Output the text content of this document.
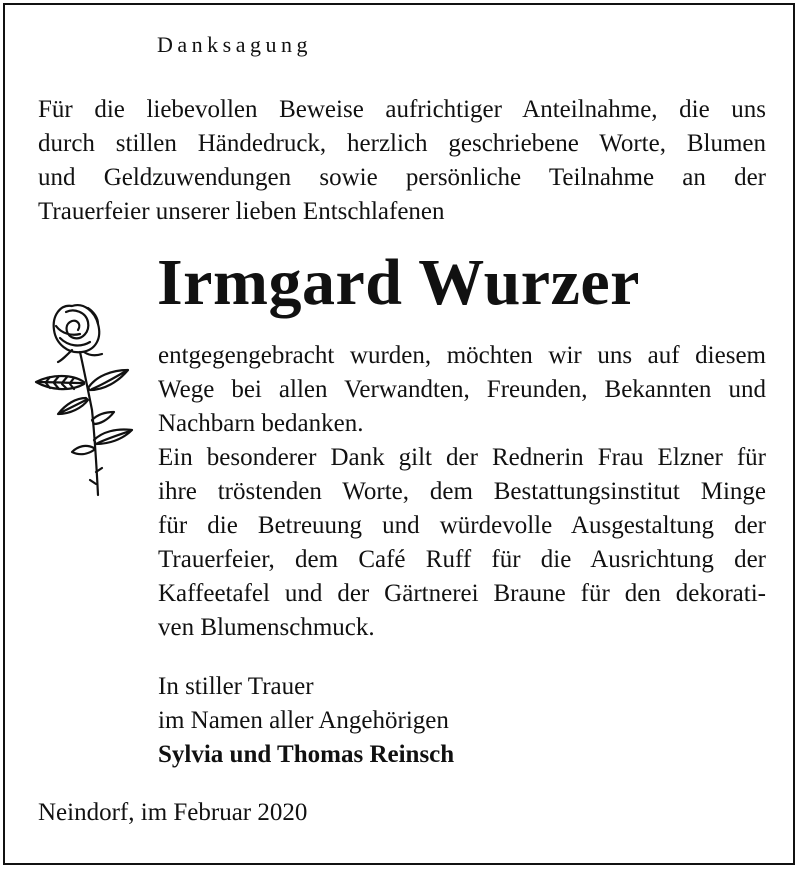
Danksagung
Für die liebevollen Beweise aufrichtiger Anteilnahme, die uns
durch stillen Händedruck, herzlich geschriebene Worte, Blumen
und Geldzuwendungen sowie persönliche Teilnahme an der
Trauerfeier unserer lieben Entschlafenen
Irmgard Wurzer
entgegengebracht wurden, möchten wir uns auf diesem
Wege bei allen Verwandten, Freunden, Bekannten und
Nachbarn bedanken.
Ein besonderer Dank gilt der Rednerin Frau Elzner für
ihre tröstenden Worte, dem Bestattungsinstitut Minge
für die Betreuung und würdevolle Ausgestaltung der
Trauerfeier, dem Café Ruff für die Ausrichtung der
Kaffeetafel und der Gärtnerei Braune für den dekorati-
ven Blumenschmuck.
In stiller Trauer
im Namen aller Angehörigen
Sylvia und Thomas Reinsch
Neindorf, im Februar 2020
